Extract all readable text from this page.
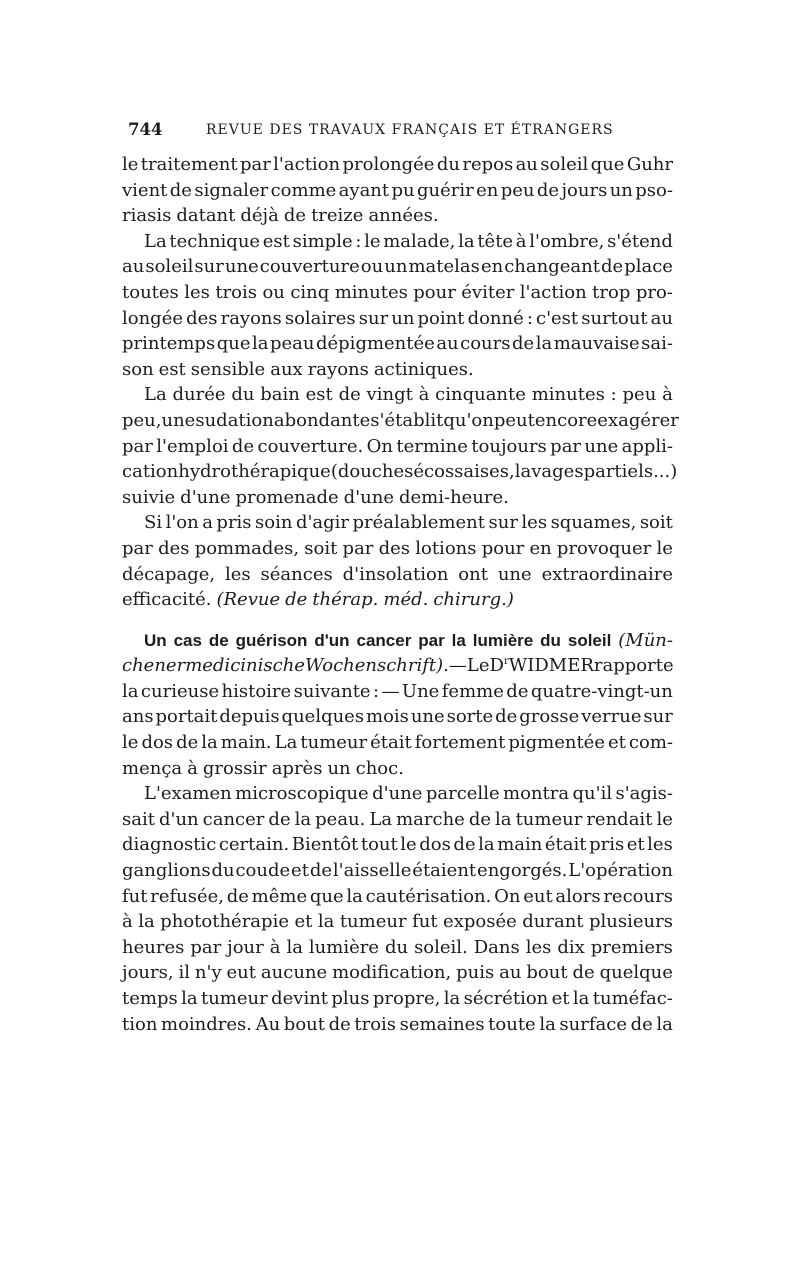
744	REVUE DES TRAVAUX FRANÇAIS ET ÉTRANGERS
le traitement par l'action prolongée du repos au soleil que Guhr
vient de signaler comme ayant pu guérir en peu de jours un pso-
riasis datant déjà de treize années.
La technique est simple : le malade, la tête à l'ombre, s'étend
au soleil sur une couverture ou un matelas en changeant de place
toutes les trois ou cinq minutes pour éviter l'action trop pro-
longée des rayons solaires sur un point donné : c'est surtout au
printemps que la peau dépigmentée au cours de la mauvaise sai-
son est sensible aux rayons actiniques.
La durée du bain est de vingt à cinquante minutes : peu à
peu, une sudation abondante s'établit qu'on peut encore exagérer
par l'emploi de couverture. On termine toujours par une appli-
cation hydrothérapique (douches écossaises, lavages partiels...)
suivie d'une promenade d'une demi-heure.
Si l'on a pris soin d'agir préalablement sur les squames, soit
par des pommades, soit par des lotions pour en provoquer le
décapage, les séances d'insolation ont une extraordinaire
efficacité. (Revue de thérap. méd. chirurg.)
Un cas de guérison d'un cancer par la lumière du soleil (Mün-
chener medicinische Wochenschrift). — Le $D^r$ WIDMER rapporte
la curieuse histoire suivante : — Une femme de quatre-vingt-un
ans portait depuis quelques mois une sorte de grosse verrue sur
le dos de la main. La tumeur était fortement pigmentée et com-
mença à grossir après un choc.
L'examen microscopique d'une parcelle montra qu'il s'agis-
sait d'un cancer de la peau. La marche de la tumeur rendait le
diagnostic certain. Bientôt tout le dos de la main était pris et les
ganglions du coude et de l'aisselle étaient engorgés. L'opération
fut refusée, de même que la cautérisation. On eut alors recours
à la photothérapie et la tumeur fut exposée durant plusieurs
heures par jour à la lumière du soleil. Dans les dix premiers
jours, il n'y eut aucune modification, puis au bout de quelque
temps la tumeur devint plus propre, la sécrétion et la tuméfac-
tion moindres. Au bout de trois semaines toute la surface de la
